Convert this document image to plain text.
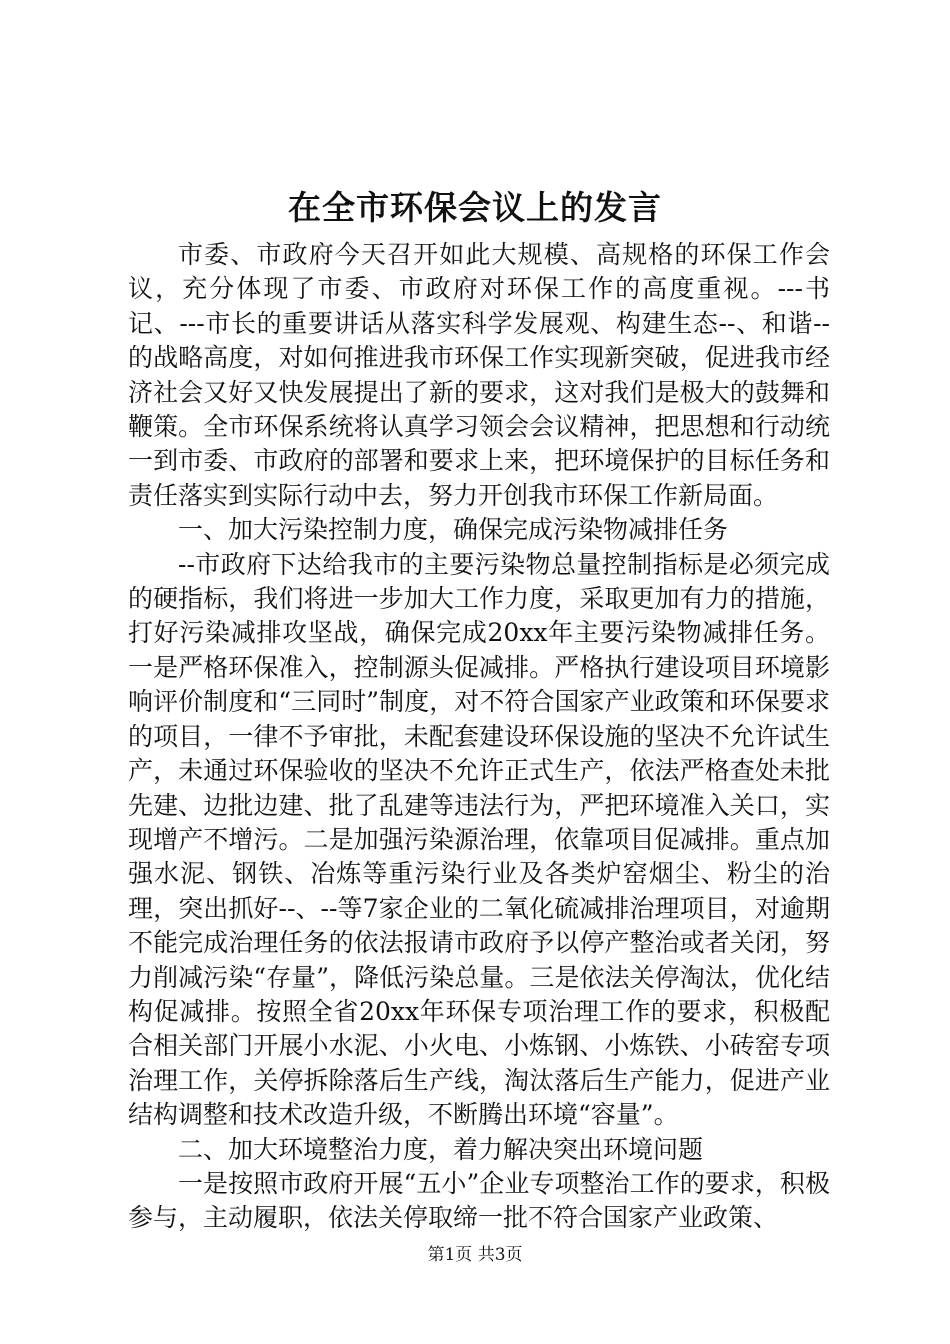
在全市环保会议上的发言

市委、市政府今天召开如此大规模、高规格的环保工作会议，充分体现了市委、市政府对环保工作的高度重视。---书记、---市长的重要讲话从落实科学发展观、构建生态--、和谐--的战略高度，对如何推进我市环保工作实现新突破，促进我市经济社会又好又快发展提出了新的要求，这对我们是极大的鼓舞和鞭策。全市环保系统将认真学习领会会议精神，把思想和行动统一到市委、市政府的部署和要求上来，把环境保护的目标任务和责任落实到实际行动中去，努力开创我市环保工作新局面。

一、加大污染控制力度，确保完成污染物减排任务

--市政府下达给我市的主要污染物总量控制指标是必须完成的硬指标，我们将进一步加大工作力度，采取更加有力的措施，打好污染减排攻坚战，确保完成20xx年主要污染物减排任务。一是严格环保准入，控制源头促减排。严格执行建设项目环境影响评价制度和“三同时”制度，对不符合国家产业政策和环保要求的项目，一律不予审批，未配套建设环保设施的坚决不允许试生产，未通过环保验收的坚决不允许正式生产，依法严格查处未批先建、边批边建、批了乱建等违法行为，严把环境准入关口，实现增产不增污。二是加强污染源治理，依靠项目促减排。重点加强水泥、钢铁、冶炼等重污染行业及各类炉窑烟尘、粉尘的治理，突出抓好--、--等7家企业的二氧化硫减排治理项目，对逾期不能完成治理任务的依法报请市政府予以停产整治或者关闭，努力削减污染“存量”，降低污染总量。三是依法关停淘汰，优化结构促减排。按照全省20xx年环保专项治理工作的要求，积极配合相关部门开展小水泥、小火电、小炼钢、小炼铁、小砖窑专项治理工作，关停拆除落后生产线，淘汰落后生产能力，促进产业结构调整和技术改造升级，不断腾出环境“容量”。

二、加大环境整治力度，着力解决突出环境问题

一是按照市政府开展“五小”企业专项整治工作的要求，积极参与，主动履职，依法关停取缔一批不符合国家产业政策、

第1页 共3页
